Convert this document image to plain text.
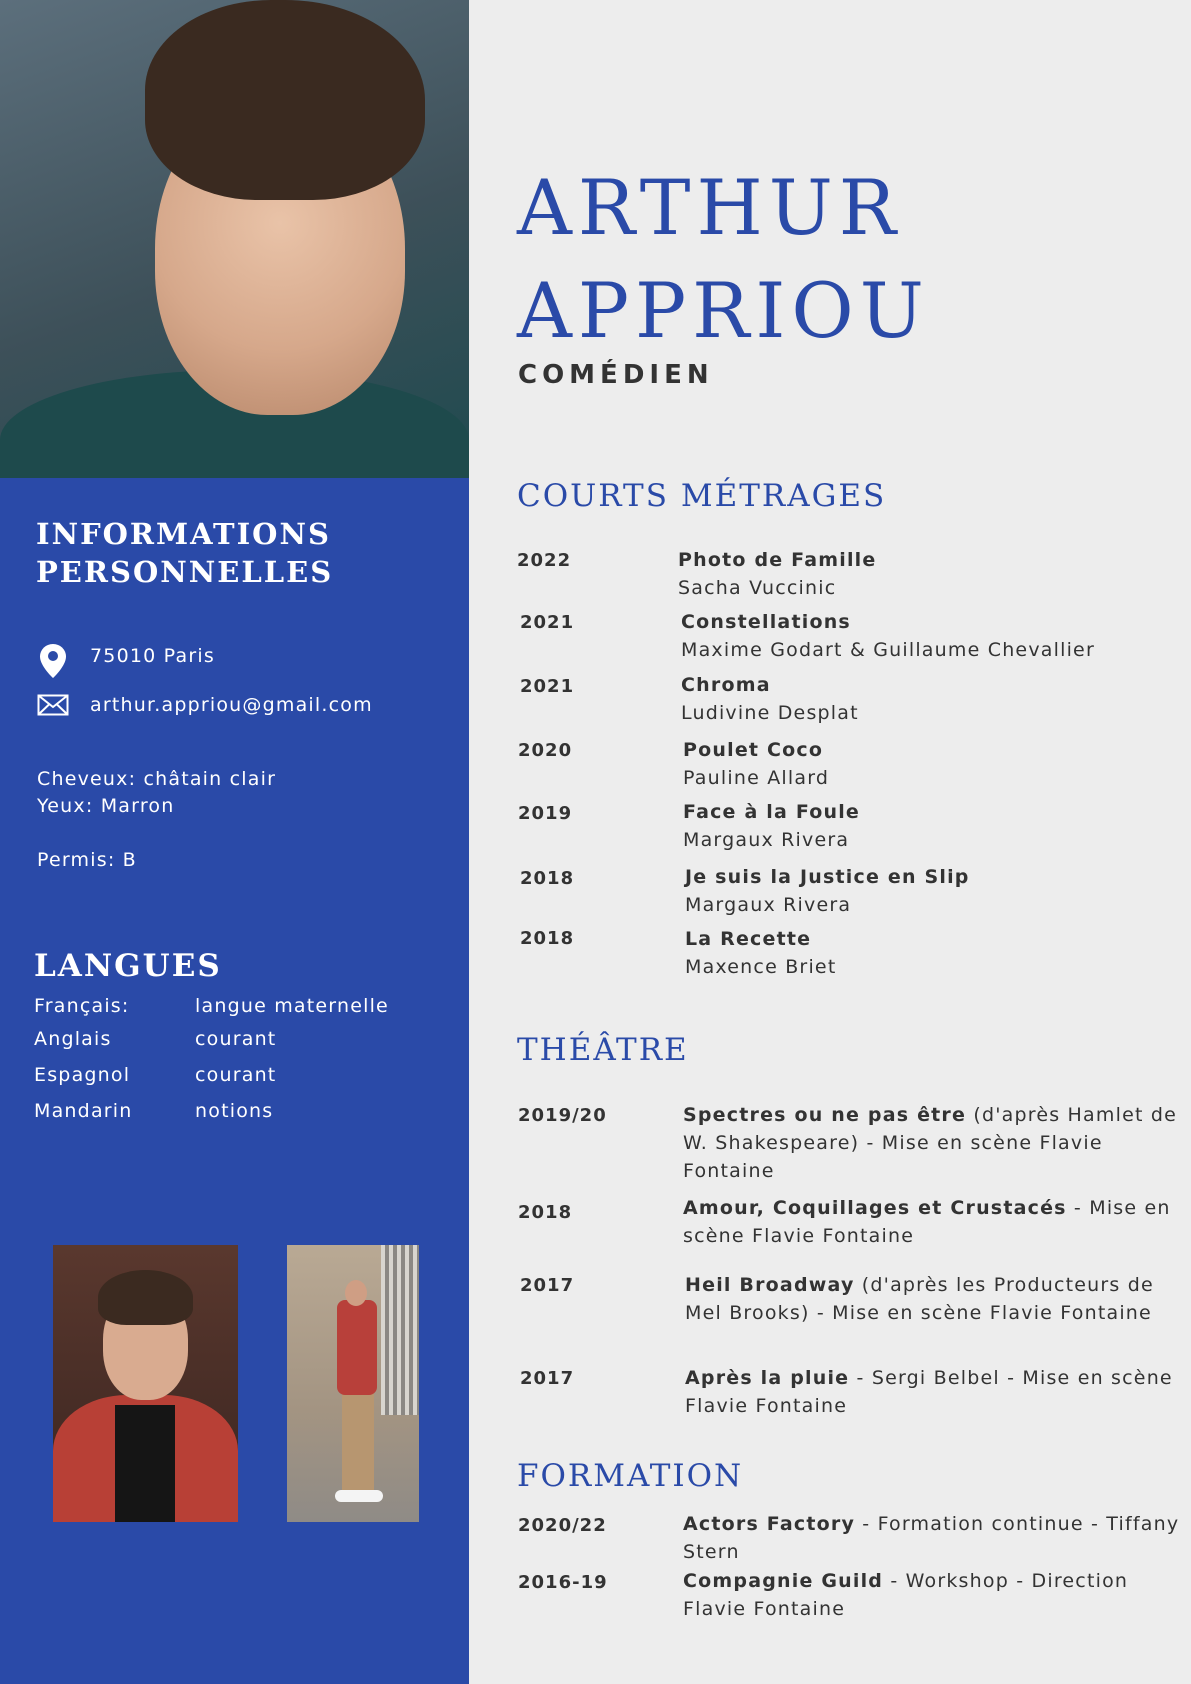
INFORMATIONS
PERSONNELLES
75010 Paris
arthur.appriou@gmail.com
Cheveux: châtain clair
Yeux: Marron
Permis: B
LANGUES
Français:	langue maternelle
Anglais	courant
Espagnol	courant
Mandarin	notions
ARTHUR
APPRIOU
COMÉDIEN
COURTS MÉTRAGES
2022	Photo de Famille
Sacha Vuccinic
2021	Constellations
Maxime Godart & Guillaume Chevallier
2021	Chroma
Ludivine Desplat
2020	Poulet Coco
Pauline Allard
2019	Face à la Foule
Margaux Rivera
2018	Je suis la Justice en Slip
Margaux Rivera
2018	La Recette
Maxence Briet
THÉÂTRE
2019/20	Spectres ou ne pas être (d'après Hamlet de W. Shakespeare) - Mise en scène Flavie Fontaine
2018	Amour, Coquillages et Crustacés - Mise en scène Flavie Fontaine
2017	Heil Broadway (d'après les Producteurs de Mel Brooks) - Mise en scène Flavie Fontaine
2017	Après la pluie - Sergi Belbel - Mise en scène Flavie Fontaine
FORMATION
2020/22	Actors Factory - Formation continue - Tiffany Stern
2016-19	Compagnie Guild - Workshop - Direction Flavie Fontaine
